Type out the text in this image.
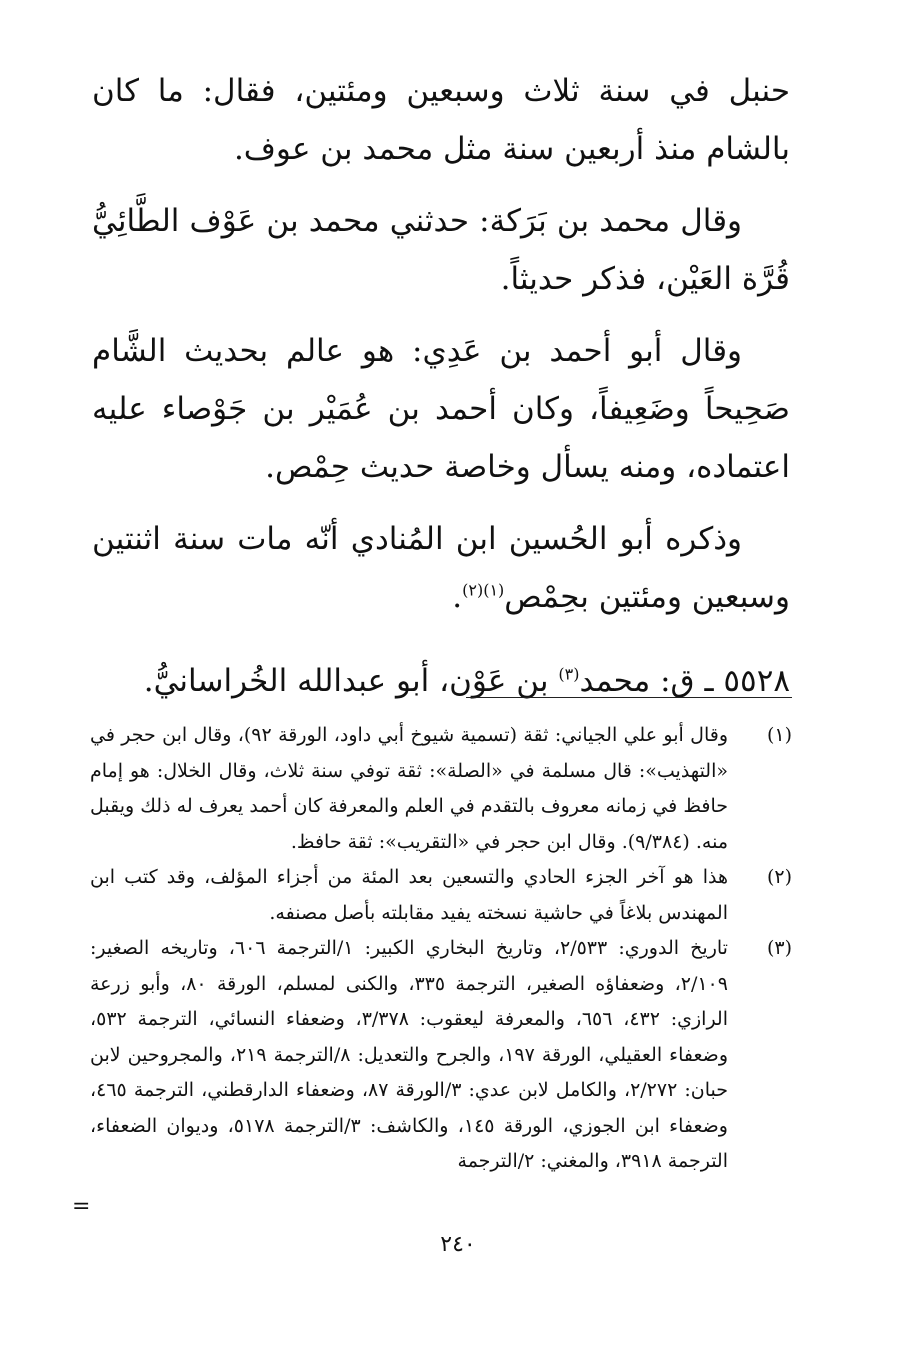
حنبل في سنة ثلاث وسبعين ومئتين، فقال: ما كان بالشام منذ أربعين سنة مثل محمد بن عوف.

وقال محمد بن بَرَكة: حدثني محمد بن عَوْف الطَّائِيُّ قُرَّة العَيْن، فذكر حديثاً.

وقال أبو أحمد بن عَدِي: هو عالم بحديث الشَّام صَحِيحاً وضَعِيفاً، وكان أحمد بن عُمَيْر بن جَوْصاء عليه اعتماده، ومنه يسأل وخاصة حديث حِمْص.

وذكره أبو الحُسين ابن المُنادي أنّه مات سنة اثنتين وسبعين ومئتين بحِمْص$^{(١)(٢)}$.

٥٥٢٨ ـ ق: محمد$^{(٣)}$ بن عَوْن، أبو عبدالله الخُراسانيُّ.

(١)
وقال أبو علي الجياني: ثقة (تسمية شيوخ أبي داود، الورقة ٩٢)، وقال ابن حجر في «التهذيب»: قال مسلمة في «الصلة»: ثقة توفي سنة ثلاث، وقال الخلال: هو إمام حافظ في زمانه معروف بالتقدم في العلم والمعرفة كان أحمد يعرف له ذلك ويقبل منه. (٩/٣٨٤). وقال ابن حجر في «التقريب»: ثقة حافظ.
(٢)
هذا هو آخر الجزء الحادي والتسعين بعد المئة من أجزاء المؤلف، وقد كتب ابن المهندس بلاغاً في حاشية نسخته يفيد مقابلته بأصل مصنفه.
(٣)
تاريخ الدوري: ٢/٥٣٣، وتاريخ البخاري الكبير: ١/الترجمة ٦٠٦، وتاريخه الصغير: ٢/١٠٩، وضعفاؤه الصغير، الترجمة ٣٣٥، والكنى لمسلم، الورقة ٨٠، وأبو زرعة الرازي: ٤٣٢، ٦٥٦، والمعرفة ليعقوب: ٣/٣٧٨، وضعفاء النسائي، الترجمة ٥٣٢، وضعفاء العقيلي، الورقة ١٩٧، والجرح والتعديل: ٨/الترجمة ٢١٩، والمجروحين لابن حبان: ٢/٢٧٢، والكامل لابن عدي: ٣/الورقة ٨٧، وضعفاء الدارقطني، الترجمة ٤٦٥، وضعفاء ابن الجوزي، الورقة ١٤٥، والكاشف: ٣/الترجمة ٥١٧٨، وديوان الضعفاء، الترجمة ٣٩١٨، والمغني: ٢/الترجمة
=
٢٤٠
